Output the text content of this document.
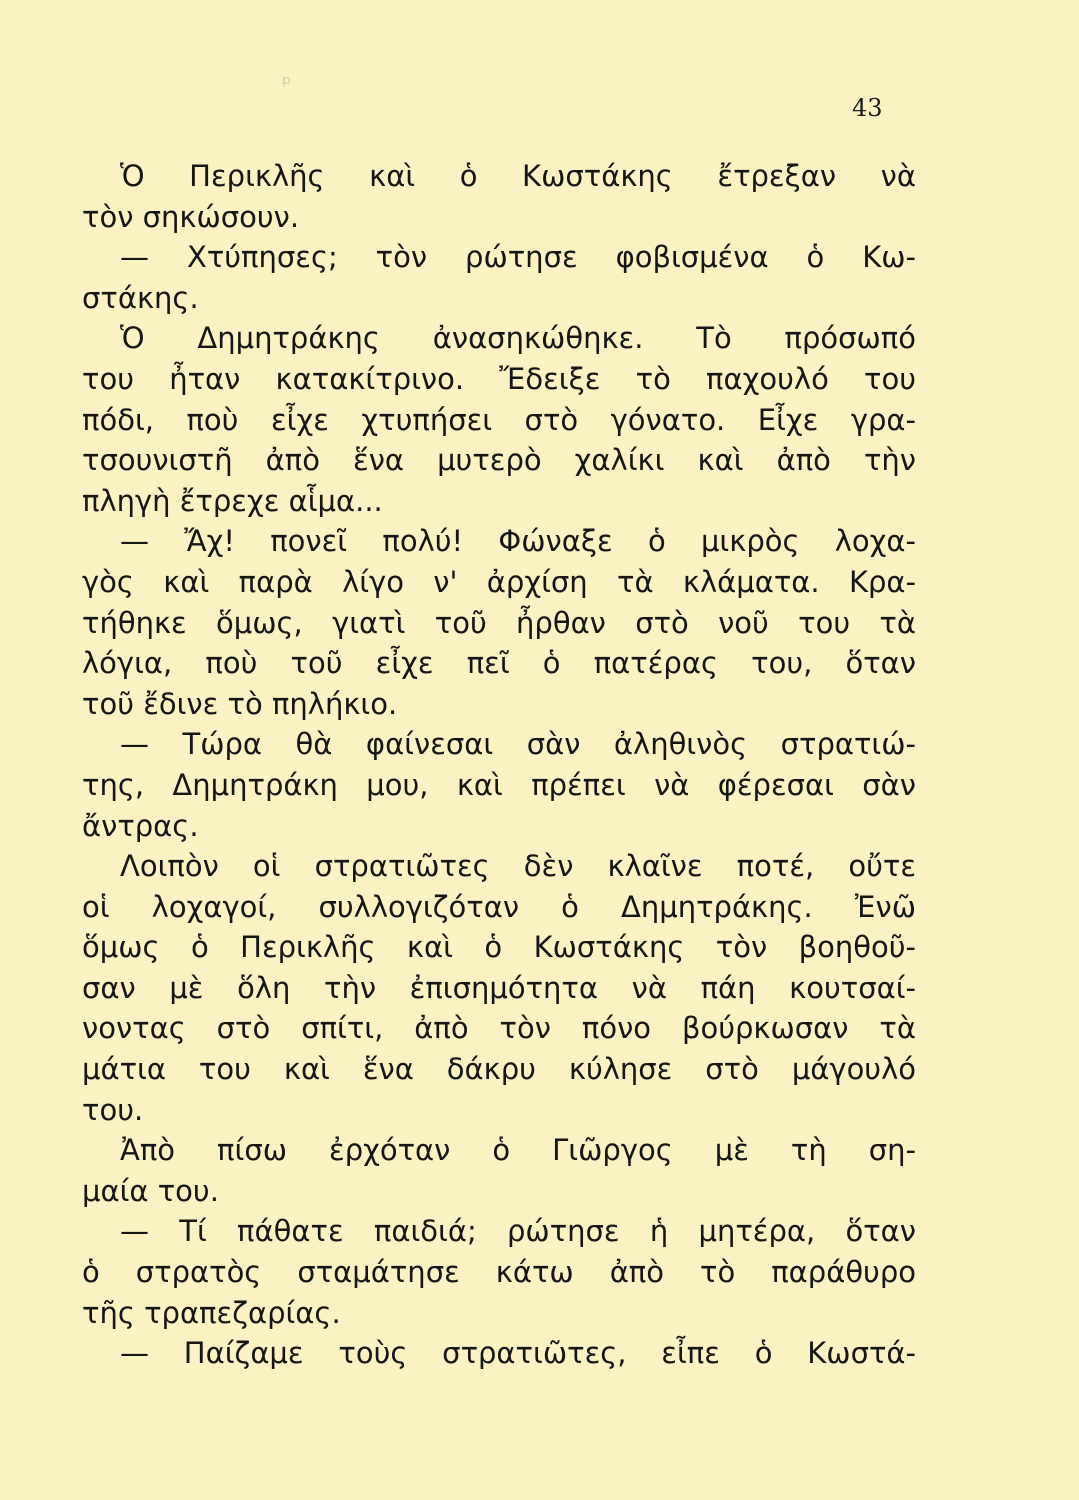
ᵖ
43
Ὁ Περικλῆς καὶ ὁ Κωστάκης ἔτρεξαν νὰ
τὸν σηκώσουν.
— Χτύπησες; τὸν ρώτησε φοβισμένα ὁ Κω-
στάκης.
Ὁ Δημητράκης ἀνασηκώθηκε. Τὸ πρόσωπό
του ἦταν κατακίτρινο. Ἔδειξε τὸ παχουλό του
πόδι, ποὺ εἶχε χτυπήσει στὸ γόνατο. Εἶχε γρα-
τσουνιστῆ ἀπὸ ἕνα μυτερὸ χαλίκι καὶ ἀπὸ τὴν
πληγὴ ἔτρεχε αἷμα...
— Ἄχ! πονεῖ πολύ! Φώναξε ὁ μικρὸς λοχα-
γὸς καὶ παρὰ λίγο ν' ἀρχίση τὰ κλάματα. Κρα-
τήθηκε ὅμως, γιατὶ τοῦ ἦρθαν στὸ νοῦ του τὰ
λόγια, ποὺ τοῦ εἶχε πεῖ ὁ πατέρας του, ὅταν
τοῦ ἔδινε τὸ πηλήκιο.
— Τώρα θὰ φαίνεσαι σὰν ἀληθινὸς στρατιώ-
της, Δημητράκη μου, καὶ πρέπει νὰ φέρεσαι σὰν
ἄντρας.
Λοιπὸν οἱ στρατιῶτες δὲν κλαῖνε ποτέ, οὔτε
οἱ λοχαγοί, συλλογιζόταν ὁ Δημητράκης. Ἐνῶ
ὅμως ὁ Περικλῆς καὶ ὁ Κωστάκης τὸν βοηθοῦ-
σαν μὲ ὅλη τὴν ἐπισημότητα νὰ πάη κουτσαί-
νοντας στὸ σπίτι, ἀπὸ τὸν πόνο βούρκωσαν τὰ
μάτια του καὶ ἕνα δάκρυ κύλησε στὸ μάγουλό
του.
Ἀπὸ πίσω ἐρχόταν ὁ Γιῶργος μὲ τὴ ση-
μαία του.
— Τί πάθατε παιδιά; ρώτησε ἡ μητέρα, ὅταν
ὁ στρατὸς σταμάτησε κάτω ἀπὸ τὸ παράθυρο
τῆς τραπεζαρίας.
— Παίζαμε τοὺς στρατιῶτες, εἶπε ὁ Κωστά-
